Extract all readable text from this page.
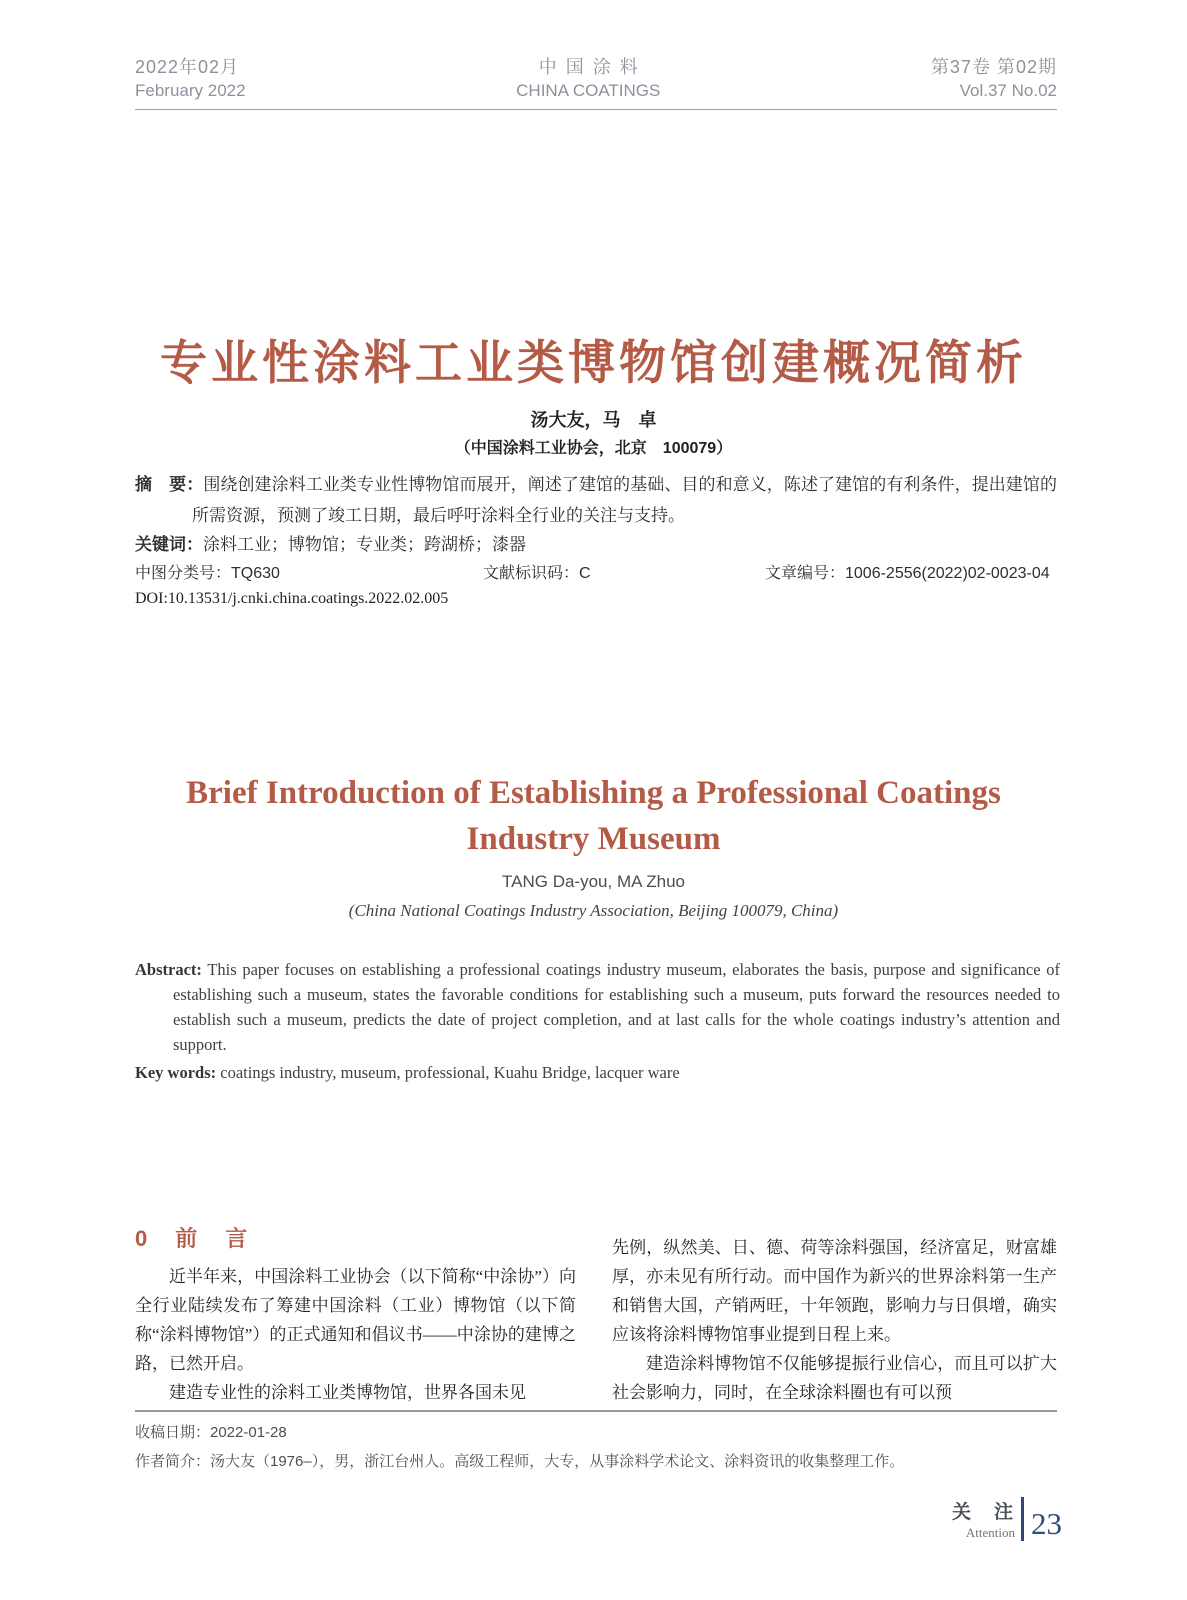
2022年02月
February 2022
中国涂料
CHINA COATINGS
第37卷 第02期
Vol.37 No.02
专业性涂料工业类博物馆创建概况简析
汤大友，马　卓
（中国涂料工业协会，北京　100079）

摘　要：围绕创建涂料工业类专业性博物馆而展开，阐述了建馆的基础、目的和意义，陈述了建馆的有利条件，提出建馆的所需资源，预测了竣工日期，最后呼吁涂料全行业的关注与支持。

关键词：涂料工业；博物馆；专业类；跨湖桥；漆器

中图分类号：TQ630	文献标识码：C	文章编号：1006-2556(2022)02-0023-04
DOI:10.13531/j.cnki.china.coatings.2022.02.005
Brief Introduction of Establishing a Professional Coatings
Industry Museum
TANG Da-you, MA Zhuo
(China National Coatings Industry Association, Beijing 100079, China)

Abstract: This paper focuses on establishing a professional coatings industry museum, elaborates the basis, purpose and significance of establishing such a museum, states the favorable conditions for establishing such a museum, puts forward the resources needed to establish such a museum, predicts the date of project completion, and at last calls for the whole coatings industry’s attention and support.

Key words: coatings industry, museum, professional, Kuahu Bridge, lacquer ware

0　前　言

近半年来，中国涂料工业协会（以下简称“中涂协”）向全行业陆续发布了筹建中国涂料（工业）博物馆（以下简称“涂料博物馆”）的正式通知和倡议书——中涂协的建博之路，已然开启。

建造专业性的涂料工业类博物馆，世界各国未见

先例，纵然美、日、德、荷等涂料强国，经济富足，财富雄厚，亦未见有所行动。而中国作为新兴的世界涂料第一生产和销售大国，产销两旺，十年领跑，影响力与日俱增，确实应该将涂料博物馆事业提到日程上来。

建造涂料博物馆不仅能够提振行业信心，而且可以扩大社会影响力，同时，在全球涂料圈也有可以预

收稿日期：2022-01-28
作者简介：汤大友（1976–），男，浙江台州人。高级工程师，大专，从事涂料学术论文、涂料资讯的收集整理工作。
关　注
Attention 23
